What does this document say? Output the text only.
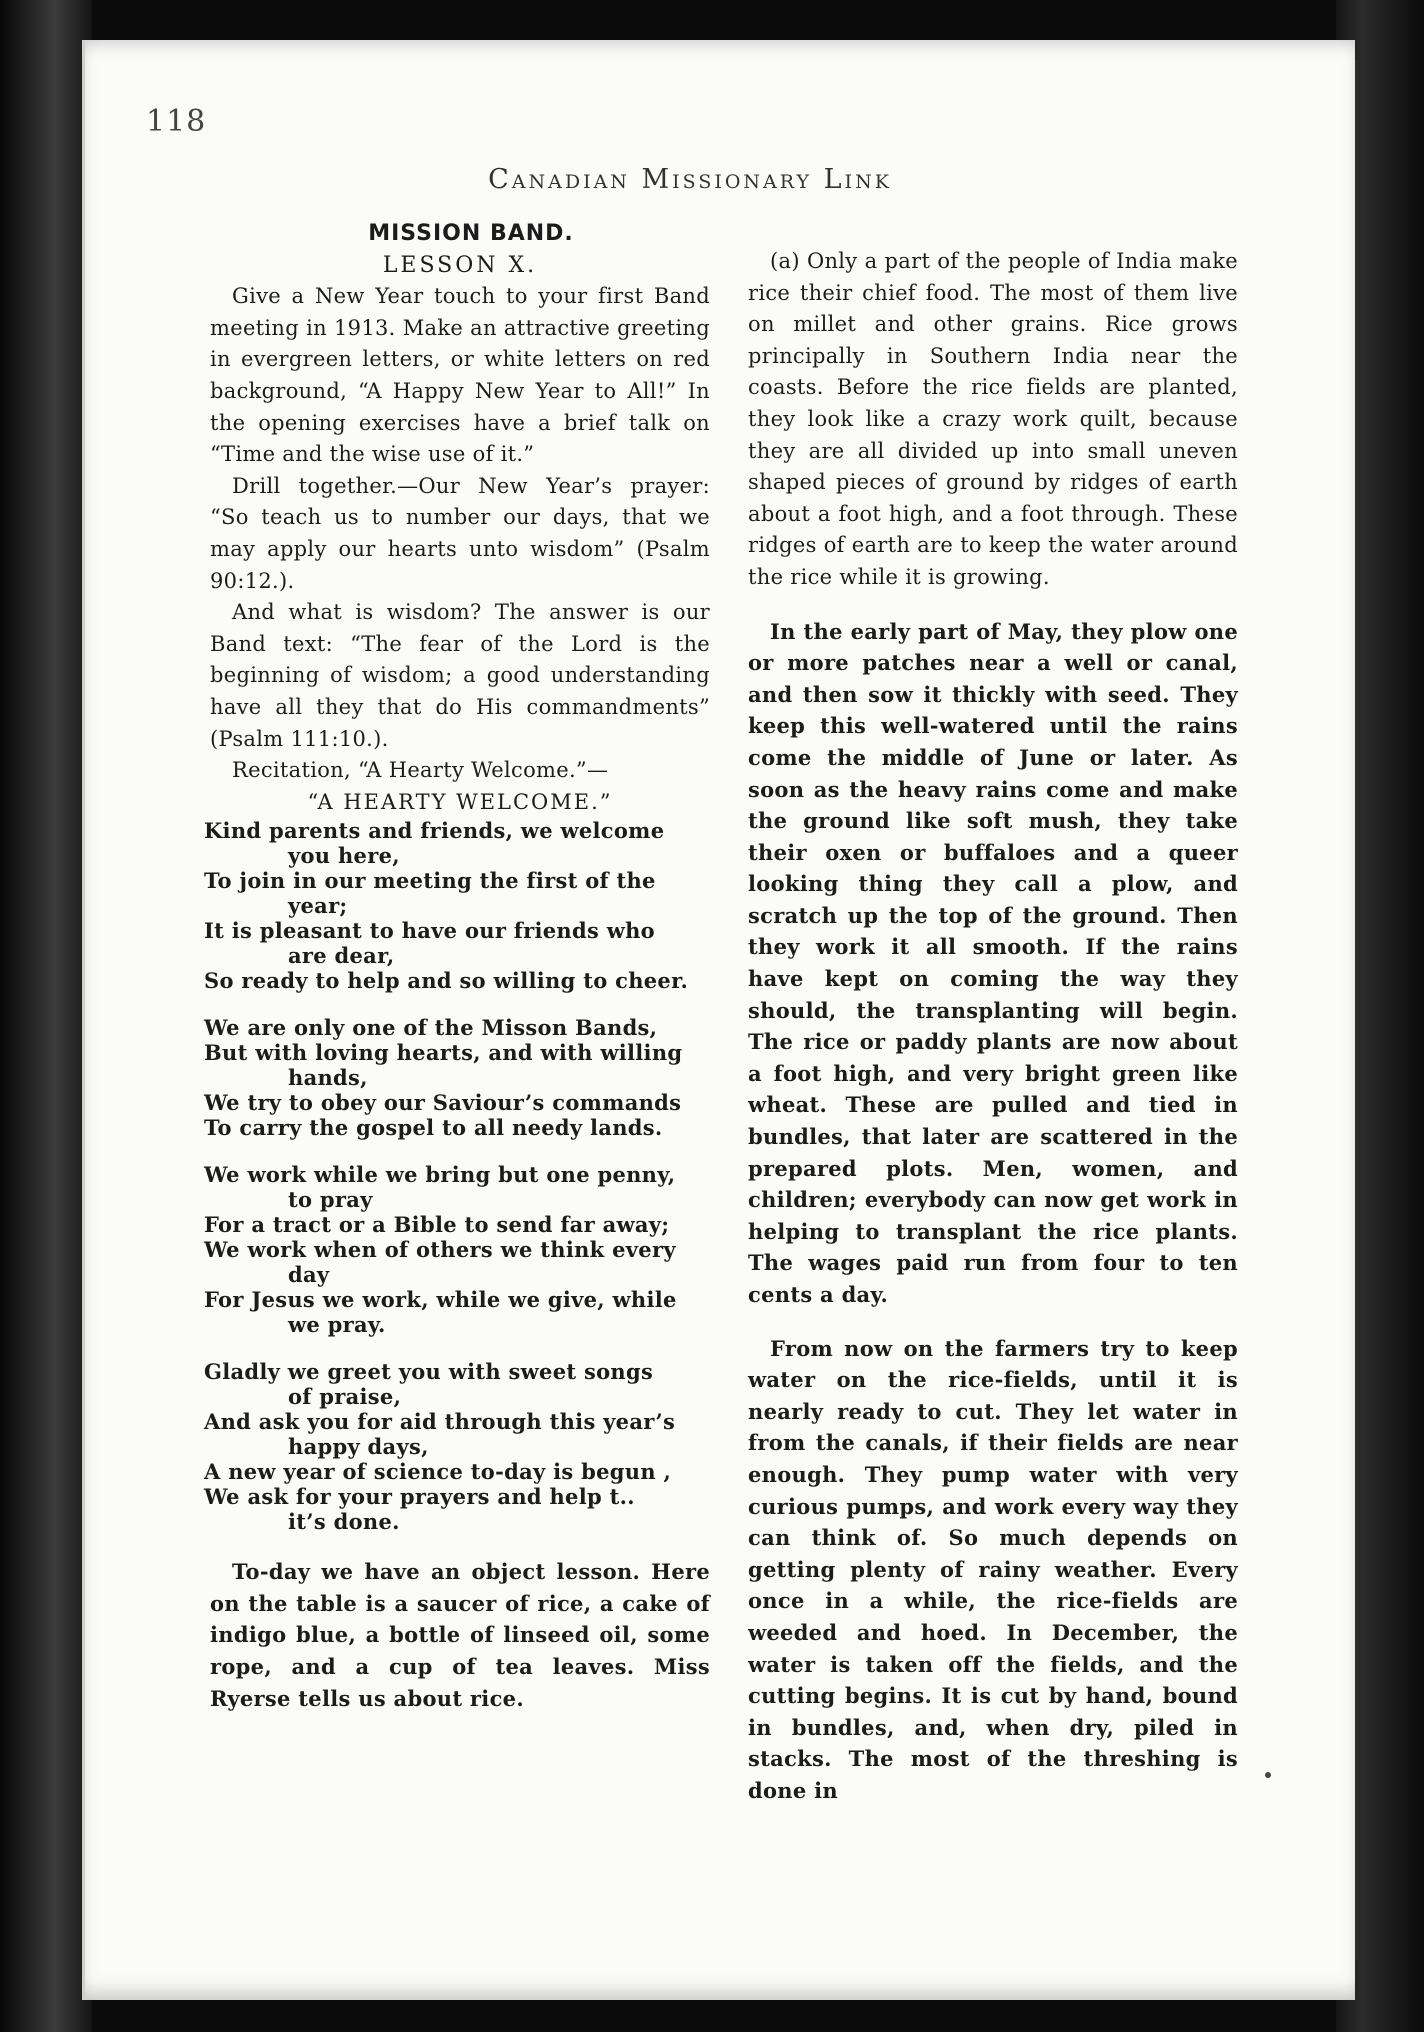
118

Canadian Missionary Link

MISSION BAND.

LESSON X.

Give a New Year touch to your first Band meeting in 1913. Make an attractive greeting in evergreen letters, or white letters on red background, “A Happy New Year to All!” In the opening exercises have a brief talk on “Time and the wise use of it.”

Drill together.—Our New Year’s prayer: “So teach us to number our days, that we may apply our hearts unto wisdom” (Psalm 90:12.).

And what is wisdom? The answer is our Band text: “The fear of the Lord is the beginning of wisdom; a good understanding have all they that do His commandments” (Psalm 111:10.).

Recitation, “A Hearty Welcome.”—

“A HEARTY WELCOME.”

Kind parents and friends, we welcome
you here,
To join in our meeting the first of the
year;
It is pleasant to have our friends who
are dear,
So ready to help and so willing to cheer.
We are only one of the Misson Bands,
But with loving hearts, and with willing
hands,
We try to obey our Saviour’s commands
To carry the gospel to all needy lands.
We work while we bring but one penny,
to pray
For a tract or a Bible to send far away;
We work when of others we think every
day
For Jesus we work, while we give, while
we pray.
Gladly we greet you with sweet songs
of praise,
And ask you for aid through this year’s
happy days,
A new year of science to-day is begun ,
We ask for your prayers and help t..
it’s done.

To-day we have an object lesson. Here on the table is a saucer of rice, a cake of indigo blue, a bottle of linseed oil, some rope, and a cup of tea leaves. Miss Ryerse tells us about rice.

(a) Only a part of the people of India make rice their chief food. The most of them live on millet and other grains. Rice grows principally in Southern India near the coasts. Before the rice fields are planted, they look like a crazy work quilt, because they are all divided up into small uneven shaped pieces of ground by ridges of earth about a foot high, and a foot through. These ridges of earth are to keep the water around the rice while it is growing.

In the early part of May, they plow one or more patches near a well or canal, and then sow it thickly with seed. They keep this well-watered until the rains come the middle of June or later. As soon as the heavy rains come and make the ground like soft mush, they take their oxen or buffaloes and a queer looking thing they call a plow, and scratch up the top of the ground. Then they work it all smooth. If the rains have kept on coming the way they should, the transplanting will begin. The rice or paddy plants are now about a foot high, and very bright green like wheat. These are pulled and tied in bundles, that later are scattered in the prepared plots. Men, women, and children; everybody can now get work in helping to transplant the rice plants. The wages paid run from four to ten cents a day.

From now on the farmers try to keep water on the rice-fields, until it is nearly ready to cut. They let water in from the canals, if their fields are near enough. They pump water with very curious pumps, and work every way they can think of. So much depends on getting plenty of rainy weather. Every once in a while, the rice-fields are weeded and hoed. In December, the water is taken off the fields, and the cutting begins. It is cut by hand, bound in bundles, and, when dry, piled in stacks. The most of the threshing is done in
